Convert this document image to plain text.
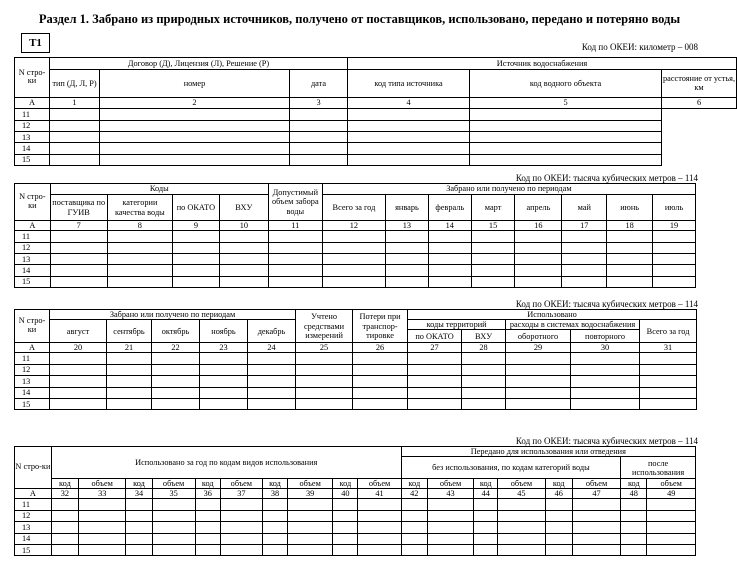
Раздел 1. Забрано из природных источников, получено от поставщиков, использовано, передано и потеряно воды
Т1	Код по ОКЕИ: километр – 008
N стро-ки	Договор (Д), Лицензия (Л), Решение (Р)			Источник водоснабжения		
	тип (Д, Л, Р)	номер	дата	код типа источника	код водного объекта	расстояние от устья, км
А	1	2	3	4	5	6
11						
12						
13						
14						
15						
Код по ОКЕИ: тысяча кубических метров – 114
N стро-ки	Коды				Допустимый объем забора воды	Забрано или получено по периодам							
	поставщика по ГУИВ	категории качества воды	по ОКАТО	ВХУ		Всего за год	январь	февраль	март	апрель	май	июнь	июль
А	7	8	9	10	11	12	13	14	15	16	17	18	19
11													
12													
13													
14													
15													
Код по ОКЕИ: тысяча кубических метров – 114
N стро-ки	Забрано или получено по периодам					Учтено средствами измерений	Потери при транспор-тировке	Использовано				
	август	сентябрь	октябрь	ноябрь	декабрь			коды территорий		расходы в системах водоснабжения		Всего за год
								по ОКАТО	ВХУ	оборотного	повторного	
А	20	21	22	23	24	25	26	27	28	29	30	31
11												
12												
13												
14												
15												
Код по ОКЕИ: тысяча кубических метров – 114
N стро-ки	Использовано за год по кодам видов использования										Передано для использования или отведения							
											без использования, по кодам категорий воды						после использования	
	код	объем	код	объем	код	объем	код	объем	код	объем	код	объем	код	объем	код	объем	код	объем
А	32	33	34	35	36	37	38	39	40	41	42	43	44	45	46	47	48	49
11																		
12																		
13																		
14																		
15																		
